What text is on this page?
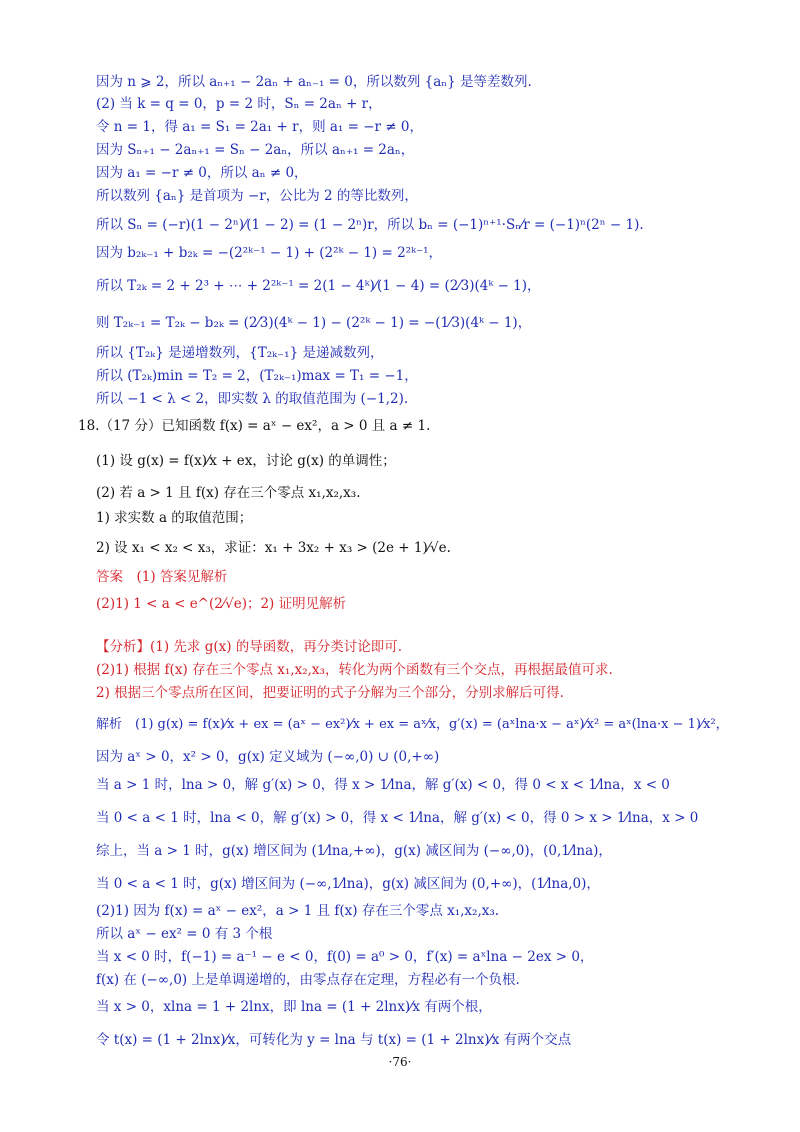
因为 n ⩾ 2，所以 aₙ₊₁ − 2aₙ + aₙ₋₁ = 0，所以数列 {aₙ} 是等差数列.
(2) 当 k = q = 0，p = 2 时，Sₙ = 2aₙ + r，
令 n = 1，得 a₁ = S₁ = 2a₁ + r，则 a₁ = −r ≠ 0，
因为 Sₙ₊₁ − 2aₙ₊₁ = Sₙ − 2aₙ，所以 aₙ₊₁ = 2aₙ，
因为 a₁ = −r ≠ 0，所以 aₙ ≠ 0，
所以数列 {aₙ} 是首项为 −r，公比为 2 的等比数列，
所以 Sₙ = (−r)(1 − 2ⁿ)⁄(1 − 2) = (1 − 2ⁿ)r，所以 bₙ = (−1)ⁿ⁺¹·Sₙ⁄r = (−1)ⁿ(2ⁿ − 1).
因为 b₂ₖ₋₁ + b₂ₖ = −(2²ᵏ⁻¹ − 1) + (2²ᵏ − 1) = 2²ᵏ⁻¹，
所以 T₂ₖ = 2 + 2³ + ⋯ + 2²ᵏ⁻¹ = 2(1 − 4ᵏ)⁄(1 − 4) = (2⁄3)(4ᵏ − 1)，
则 T₂ₖ₋₁ = T₂ₖ − b₂ₖ = (2⁄3)(4ᵏ − 1) − (2²ᵏ − 1) = −(1⁄3)(4ᵏ − 1)，
所以 {T₂ₖ} 是递增数列，{T₂ₖ₋₁} 是递减数列，
所以 (T₂ₖ)min = T₂ = 2，(T₂ₖ₋₁)max = T₁ = −1，
所以 −1 < λ < 2，即实数 λ 的取值范围为 (−1,2).
18.（17 分）已知函数 f(x) = aˣ − ex²，a > 0 且 a ≠ 1.
(1) 设 g(x) = f(x)⁄x + ex，讨论 g(x) 的单调性；
(2) 若 a > 1 且 f(x) 存在三个零点 x₁,x₂,x₃.
1) 求实数 a 的取值范围；
2) 设 x₁ < x₂ < x₃，求证：x₁ + 3x₂ + x₃ > (2e + 1)⁄√e.
答案　(1) 答案见解析
(2)1) 1 < a < e^(2⁄√e)；2) 证明见解析
【分析】(1) 先求 g(x) 的导函数，再分类讨论即可.
(2)1) 根据 f(x) 存在三个零点 x₁,x₂,x₃，转化为两个函数有三个交点，再根据最值可求.
2) 根据三个零点所在区间，把要证明的式子分解为三个部分，分别求解后可得.
解析　(1) g(x) = f(x)⁄x + ex = (aˣ − ex²)⁄x + ex = aˣ⁄x，g′(x) = (aˣlna·x − aˣ)⁄x² = aˣ(lna·x − 1)⁄x²，
因为 aˣ > 0，x² > 0，g(x) 定义域为 (−∞,0) ∪ (0,+∞)
当 a > 1 时，lna > 0，解 g′(x) > 0，得 x > 1⁄lna，解 g′(x) < 0，得 0 < x < 1⁄lna，x < 0
当 0 < a < 1 时，lna < 0，解 g′(x) > 0，得 x < 1⁄lna，解 g′(x) < 0，得 0 > x > 1⁄lna，x > 0
综上，当 a > 1 时，g(x) 增区间为 (1⁄lna,+∞)，g(x) 减区间为 (−∞,0)，(0,1⁄lna)，
当 0 < a < 1 时，g(x) 增区间为 (−∞,1⁄lna)，g(x) 减区间为 (0,+∞)，(1⁄lna,0)，
(2)1) 因为 f(x) = aˣ − ex²，a > 1 且 f(x) 存在三个零点 x₁,x₂,x₃.
所以 aˣ − ex² = 0 有 3 个根
当 x < 0 时，f(−1) = a⁻¹ − e < 0，f(0) = a⁰ > 0，f′(x) = aˣlna − 2ex > 0，
f(x) 在 (−∞,0) 上是单调递增的，由零点存在定理，方程必有一个负根.
当 x > 0，xlna = 1 + 2lnx，即 lna = (1 + 2lnx)⁄x 有两个根，
令 t(x) = (1 + 2lnx)⁄x，可转化为 y = lna 与 t(x) = (1 + 2lnx)⁄x 有两个交点
·76·
